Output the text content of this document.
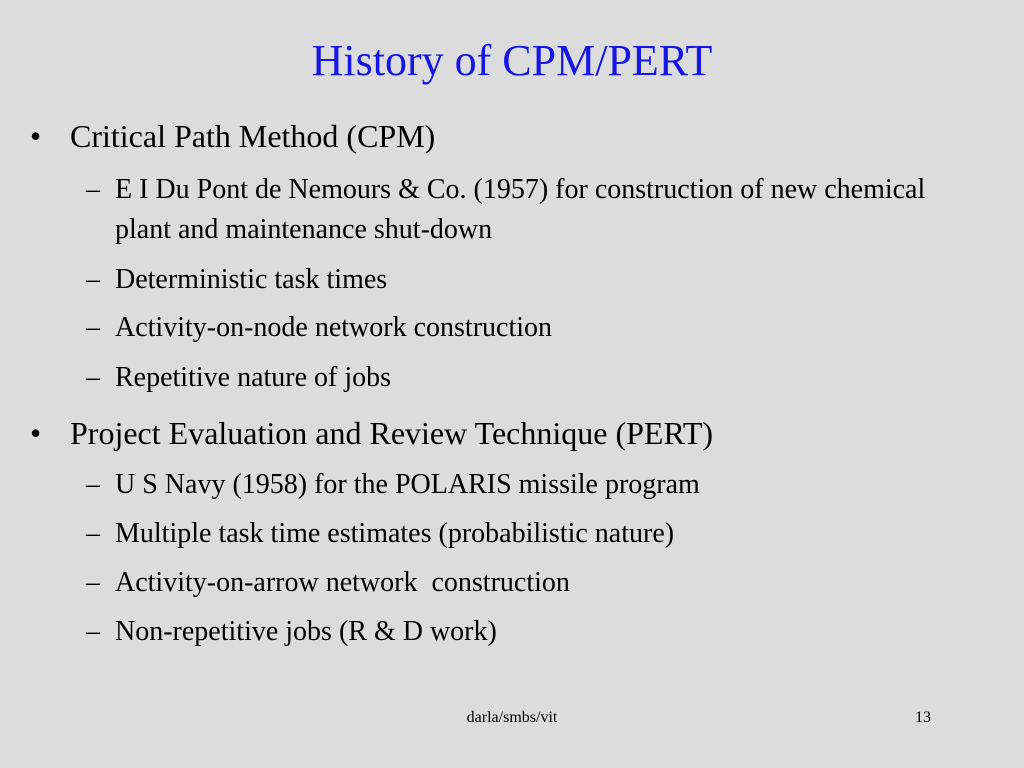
History of CPM/PERT
• Critical Path Method (CPM)
– E I Du Pont de Nemours & Co. (1957) for construction of new chemical plant and maintenance shut-down
– Deterministic task times
– Activity-on-node network construction
– Repetitive nature of jobs
• Project Evaluation and Review Technique (PERT)
– U S Navy (1958) for the POLARIS missile program
– Multiple task time estimates (probabilistic nature)
– Activity-on-arrow network  construction
– Non-repetitive jobs (R & D work)

darla/smbs/vit	13
